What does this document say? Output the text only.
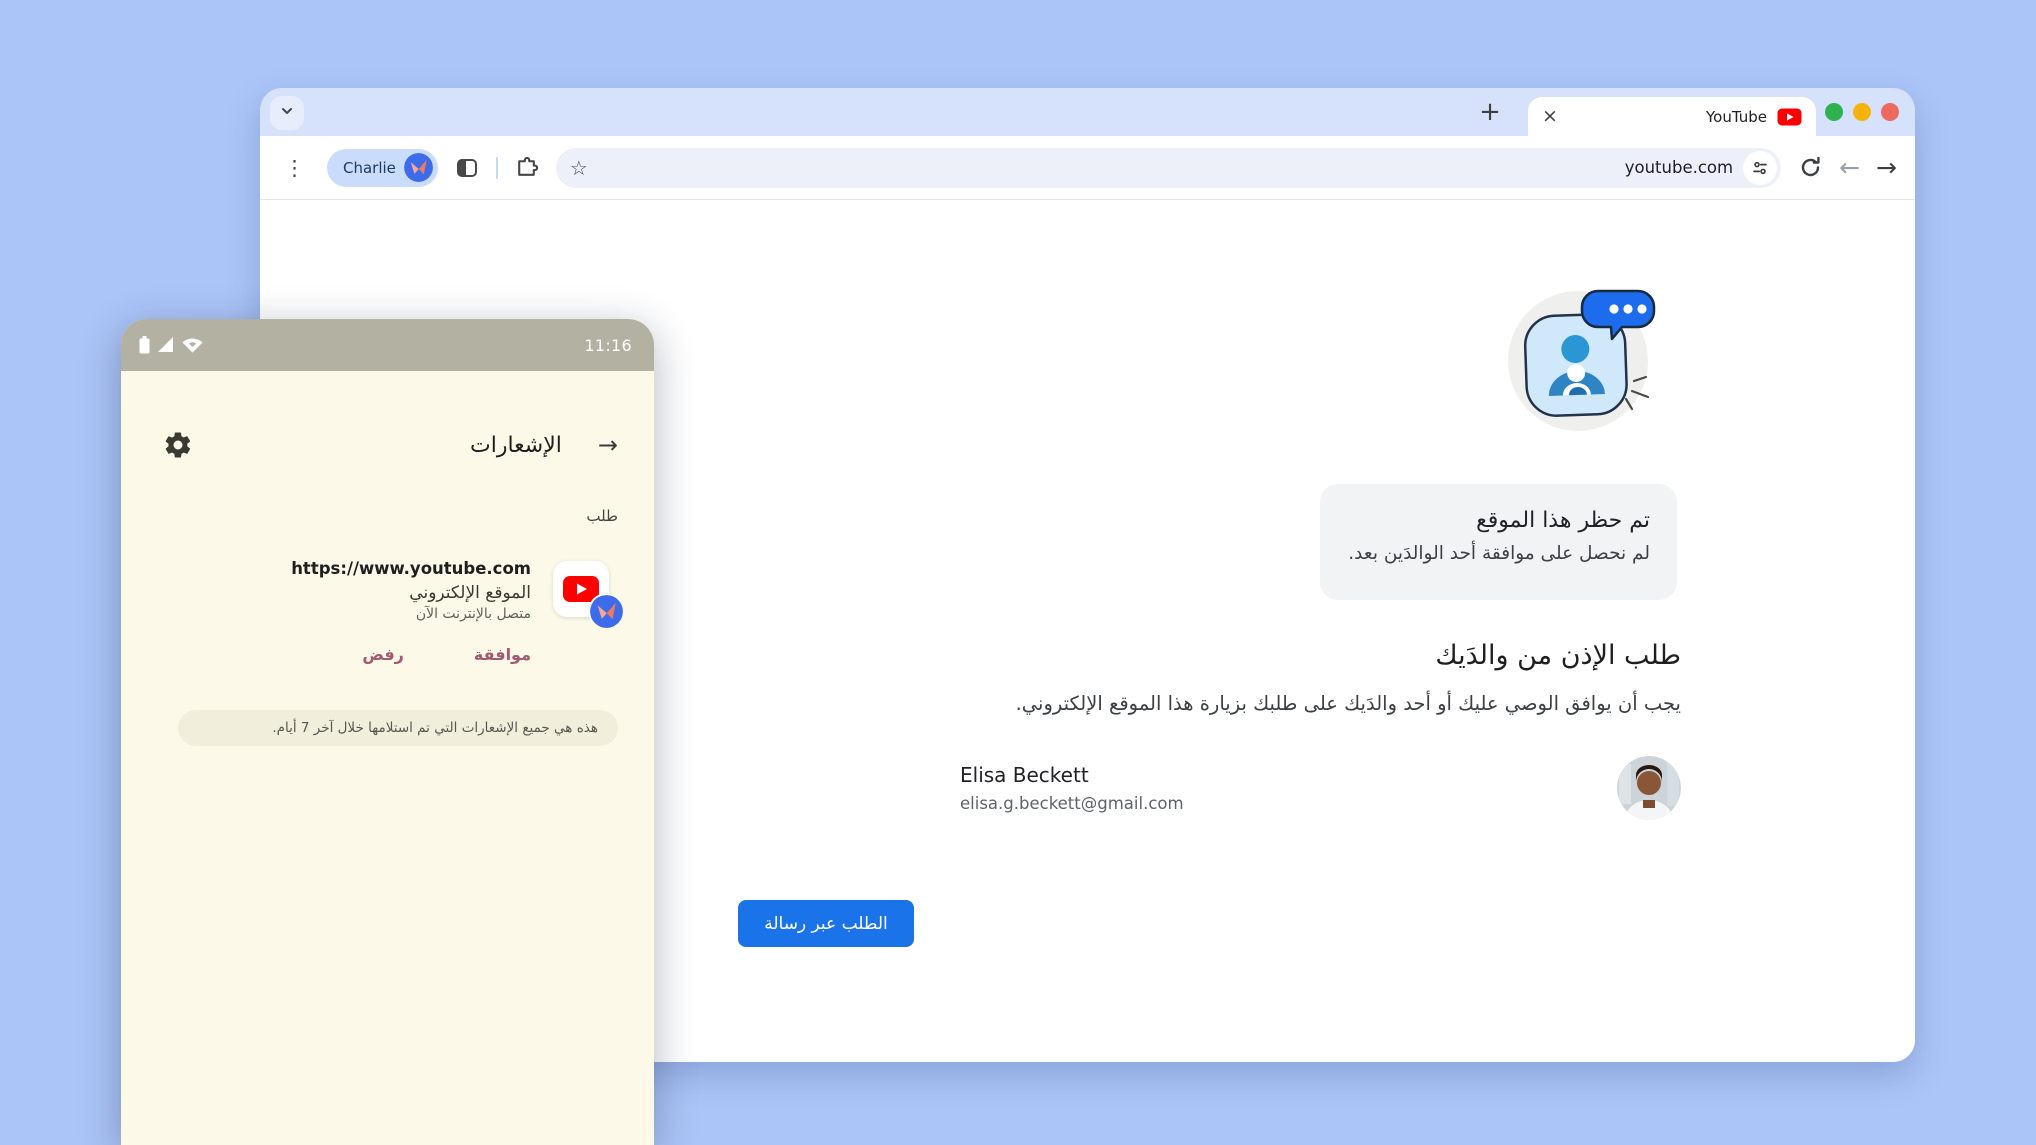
+ ×	YouTube
⋮	Charlie	☆	youtube.com	← →
تم حظر هذا الموقع
لم نحصل على موافقة أحد الوالدَين بعد.
طلب الإذن من والدَيك

يجب أن يوافق الوصي عليك أو أحد والدَيك على طلبك بزيارة هذا الموقع الإلكتروني.

Elisa Beckett
elisa.g.beckett@gmail.com
الطلب عبر رسالة
11:16
الإشعارات →
طلب
https://www.youtube.com
الموقع الإلكتروني
متصل بالإنترنت الآن
موافقة
رفض
هذه هي جميع الإشعارات التي تم استلامها خلال آخر 7 أيام.
